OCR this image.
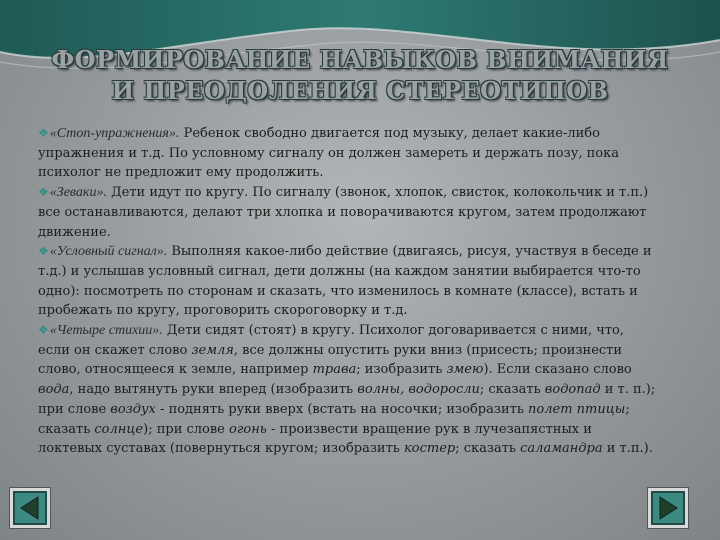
ФОРМИРОВАНИЕ НАВЫКОВ ВНИМАНИЯ
И ПРЕОДОЛЕНИЯ СТЕРЕОТИПОВ

❖«Стоп-упражнения». Ребенок свободно двигается под музыку, делает какие-либо упражнения и т.д. По условному сигналу он должен замереть и держать позу, пока психолог не предложит ему продолжить.

❖«Зеваки». Дети идут по кругу. По сигналу (звонок, хлопок, свисток, колокольчик и т.п.) все останавливаются, делают три хлопка и поворачиваются кругом, затем продолжают движение.

❖«Условный сигнал». Выполняя какое-либо действие (двигаясь, рисуя, участвуя в беседе и т.д.) и услышав условный сигнал, дети должны (на каждом занятии выбирается что-то одно): посмотреть по сторонам и сказать, что изменилось в комнате (классе), встать и пробежать по кругу, проговорить скороговорку и т.д.

❖«Четыре стихии». Дети сидят (стоят) в кругу. Психолог договаривается с ними, что, если он скажет слово земля, все должны опустить руки вниз (присесть; произнести слово, относящееся к земле, например трава; изобразить змею). Если сказано слово вода, надо вытянуть руки вперед (изобразить волны, водоросли; сказать водопад и т. п.); при слове воздух - поднять руки вверх (встать на носочки; изобразить полет птицы; сказать солнце); при слове огонь - произвести вращение рук в лучезапястных и локтевых суставах (повернуться кругом; изобразить костер; сказать саламандра и т.п.).
